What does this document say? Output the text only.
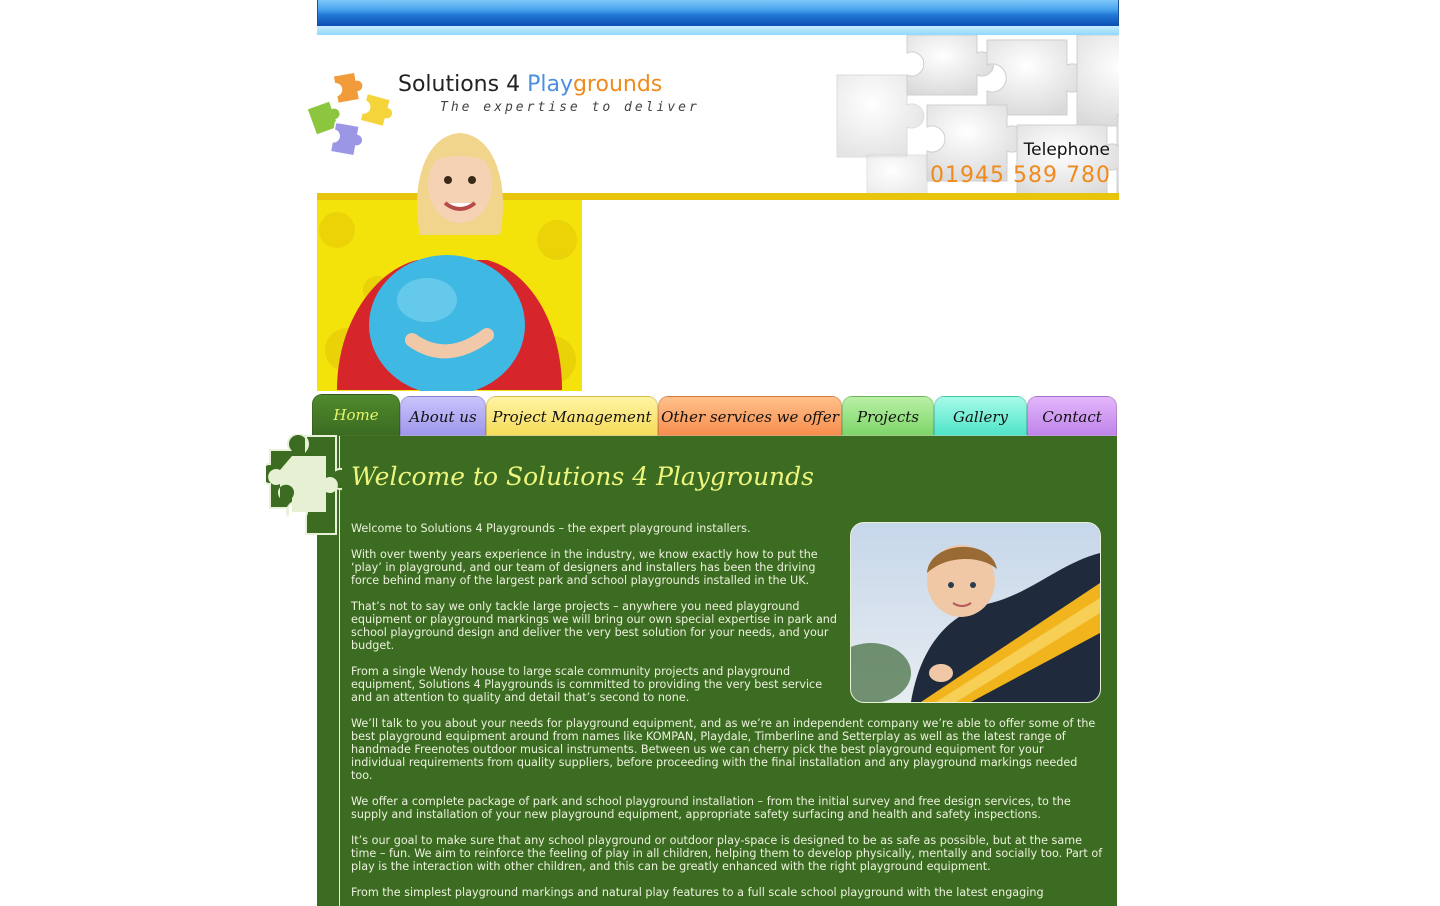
Solutions 4 Playgrounds
The expertise to deliver
Telephone
01945 589 780
Home	About us	Project Management Other services we offer	Projects	Gallery	Contact
Welcome to Solutions 4 Playgrounds

Welcome to Solutions 4 Playgrounds – the expert playground installers.

With over twenty years experience in the industry, we know exactly how to put the ‘play’ in playground, and our team of designers and installers has been the driving force behind many of the largest park and school playgrounds installed in the UK.

That’s not to say we only tackle large projects – anywhere you need playground equipment or playground markings we will bring our own special expertise in park and school playground design and deliver the very best solution for your needs, and your budget.

From a single Wendy house to large scale community projects and playground equipment, Solutions 4 Playgrounds is committed to providing the very best service and an attention to quality and detail that’s second to none.

We’ll talk to you about your needs for playground equipment, and as we’re an independent company we’re able to offer some of the best playground equipment around from names like KOMPAN, Playdale, Timberline and Setterplay as well as the latest range of handmade Freenotes outdoor musical instruments. Between us we can cherry pick the best playground equipment for your individual requirements from quality suppliers, before proceeding with the final installation and any playground markings needed too.

We offer a complete package of park and school playground installation – from the initial survey and free design services, to the supply and installation of your new playground equipment, appropriate safety surfacing and health and safety inspections.

It’s our goal to make sure that any school playground or outdoor play-space is designed to be as safe as possible, but at the same time – fun. We aim to reinforce the feeling of play in all children, helping them to develop physically, mentally and socially too. Part of play is the interaction with other children, and this can be greatly enhanced with the right playground equipment.

From the simplest playground markings and natural play features to a full scale school playground with the latest engaging
